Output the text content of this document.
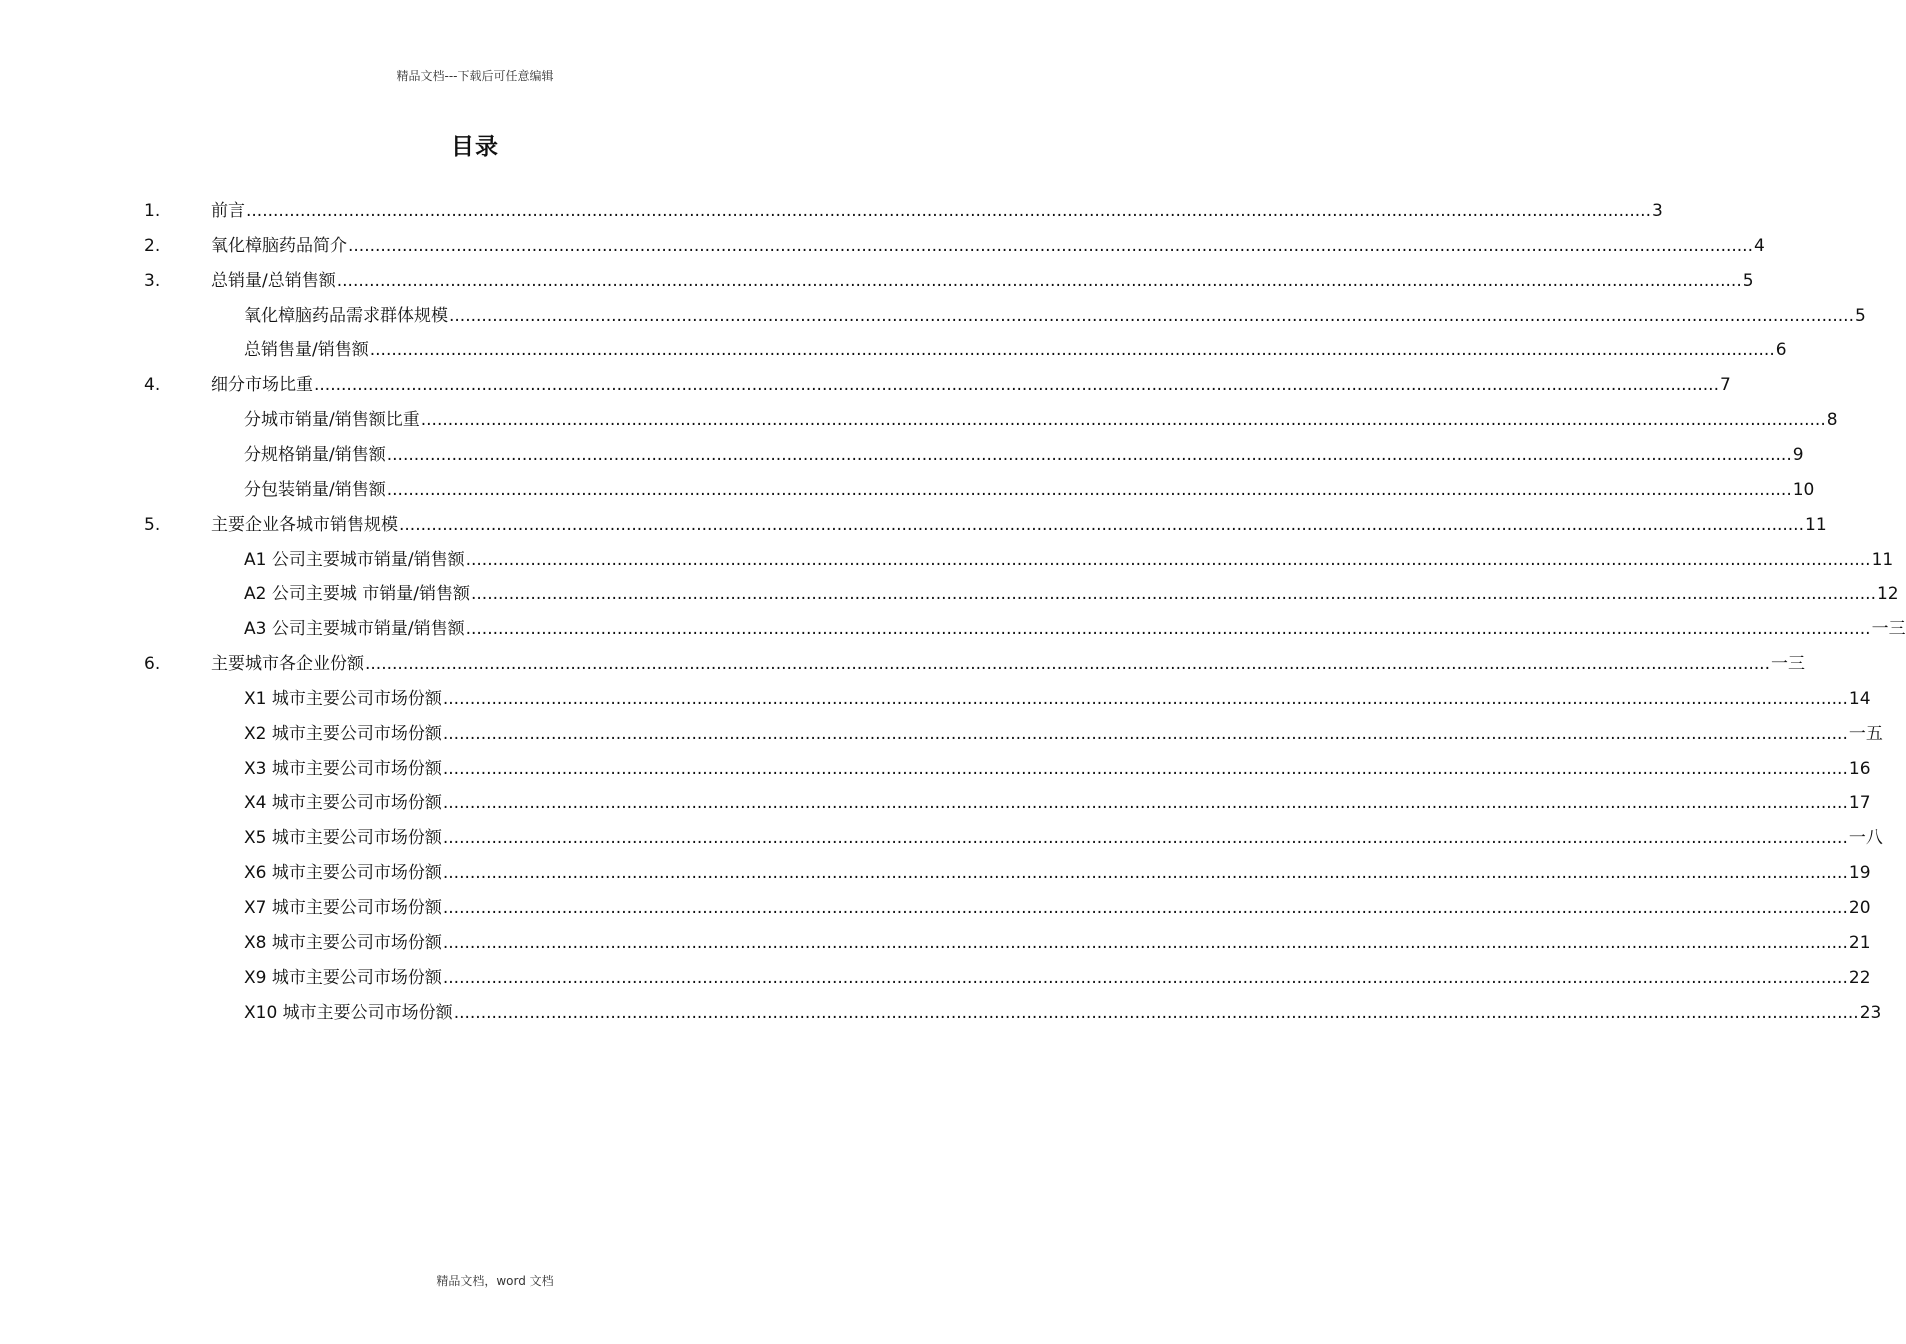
精品文档---下载后可任意编辑
目录
1.	前言 .................................................................................................................................................................................................................................................................... 3
2.	氧化樟脑药品简介 .................................................................................................................................................................................................................................................................... 4
3.	总销量/总销售额 .................................................................................................................................................................................................................................................................... 5
氧化樟脑药品需求群体规模 .................................................................................................................................................................................................................................................................... 5
总销售量/销售额 .................................................................................................................................................................................................................................................................... 6
4.	细分市场比重 .................................................................................................................................................................................................................................................................... 7
分城市销量/销售额比重 .................................................................................................................................................................................................................................................................... 8
分规格销量/销售额 .................................................................................................................................................................................................................................................................... 9
分包装销量/销售额 .................................................................................................................................................................................................................................................................... 10
5.	主要企业各城市销售规模 .................................................................................................................................................................................................................................................................... 11
A1 公司主要城市销量/销售额 .................................................................................................................................................................................................................................................................... 11
A2 公司主要城 市销量/销售额 .................................................................................................................................................................................................................................................................... 12
A3 公司主要城市销量/销售额 .................................................................................................................................................................................................................................................................... 一三
6.	主要城市各企业份额 .................................................................................................................................................................................................................................................................... 一三
X1 城市主要公司市场份额 .................................................................................................................................................................................................................................................................... 14
X2 城市主要公司市场份额 .................................................................................................................................................................................................................................................................... 一五
X3 城市主要公司市场份额 .................................................................................................................................................................................................................................................................... 16
X4 城市主要公司市场份额 .................................................................................................................................................................................................................................................................... 17
X5 城市主要公司市场份额 .................................................................................................................................................................................................................................................................... 一八
X6 城市主要公司市场份额 .................................................................................................................................................................................................................................................................... 19
X7 城市主要公司市场份额 .................................................................................................................................................................................................................................................................... 20
X8 城市主要公司市场份额 .................................................................................................................................................................................................................................................................... 21
X9 城市主要公司市场份额 .................................................................................................................................................................................................................................................................... 22
X10 城市主要公司市场份额 .................................................................................................................................................................................................................................................................... 23
精品文档，word 文档
